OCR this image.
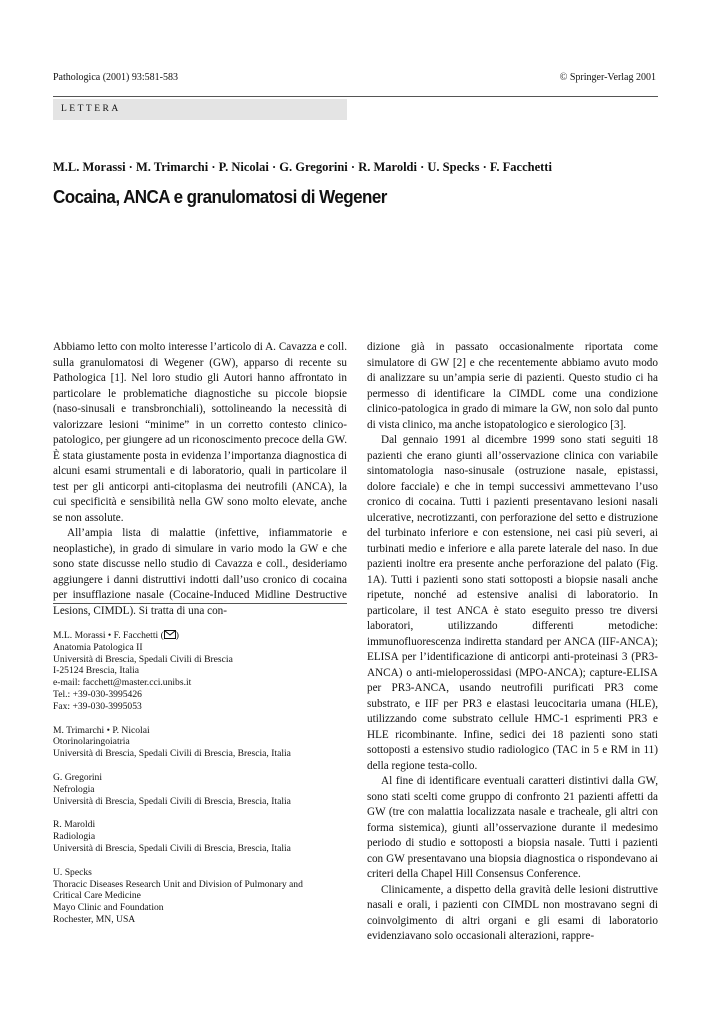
Pathologica (2001) 93:581-583	© Springer-Verlag 2001
LETTERA
M.L. Morassi · M. Trimarchi · P. Nicolai · G. Gregorini · R. Maroldi · U. Specks · F. Facchetti
Cocaina, ANCA e granulomatosi di Wegener

Abbiamo letto con molto interesse l’articolo di A. Cavazza e coll. sulla granulomatosi di Wegener (GW), apparso di recente su Pathologica [1]. Nel loro studio gli Autori hanno affrontato in particolare le problematiche diagnostiche su piccole biopsie (naso-sinusali e transbronchiali), sottolineando la necessità di valorizzare lesioni “minime” in un corretto contesto clinico-patologico, per giungere ad un riconoscimento precoce della GW. È stata giustamente posta in evidenza l’importanza diagnostica di alcuni esami strumentali e di laboratorio, quali in particolare il test per gli anticorpi anti-citoplasma dei neutrofili (ANCA), la cui specificità e sensibilità nella GW sono molto elevate, anche se non assolute.

All’ampia lista di malattie (infettive, infiammatorie e neoplastiche), in grado di simulare in vario modo la GW e che sono state discusse nello studio di Cavazza e coll., desideriamo aggiungere i danni distruttivi indotti dall’uso cronico di cocaina per insufflazione nasale (Cocaine-Induced Midline Destructive Lesions, CIMDL). Si tratta di una con-

dizione già in passato occasionalmente riportata come simulatore di GW [2] e che recentemente abbiamo avuto modo di analizzare su un’ampia serie di pazienti. Questo studio ci ha permesso di identificare la CIMDL come una condizione clinico-patologica in grado di mimare la GW, non solo dal punto di vista clinico, ma anche istopatologico e sierologico [3].

Dal gennaio 1991 al dicembre 1999 sono stati seguiti 18 pazienti che erano giunti all’osservazione clinica con variabile sintomatologia naso-sinusale (ostruzione nasale, epistassi, dolore facciale) e che in tempi successivi ammettevano l’uso cronico di cocaina. Tutti i pazienti presentavano lesioni nasali ulcerative, necrotizzanti, con perforazione del setto e distruzione del turbinato inferiore e con estensione, nei casi più severi, ai turbinati medio e inferiore e alla parete laterale del naso. In due pazienti inoltre era presente anche perforazione del palato (Fig. 1A). Tutti i pazienti sono stati sottoposti a biopsie nasali anche ripetute, nonché ad estensive analisi di laboratorio. In particolare, il test ANCA è stato eseguito presso tre diversi laboratori, utilizzando differenti metodiche: immunofluorescenza indiretta standard per ANCA (IIF-ANCA); ELISA per l’identificazione di anticorpi anti-proteinasi 3 (PR3-ANCA) o anti-mieloperossidasi (MPO-ANCA); capture-ELISA per PR3-ANCA, usando neutrofili purificati PR3 come substrato, e IIF per PR3 e elastasi leucocitaria umana (HLE), utilizzando come substrato cellule HMC-1 esprimenti PR3 e HLE ricombinante. Infine, sedici dei 18 pazienti sono stati sottoposti a estensivo studio radiologico (TAC in 5 e RM in 11) della regione testa-collo.

Al fine di identificare eventuali caratteri distintivi dalla GW, sono stati scelti come gruppo di confronto 21 pazienti affetti da GW (tre con malattia localizzata nasale e tracheale, gli altri con forma sistemica), giunti all’osservazione durante il medesimo periodo di studio e sottoposti a biopsia nasale. Tutti i pazienti con GW presentavano una biopsia diagnostica o rispondevano ai criteri della Chapel Hill Consensus Conference.

Clinicamente, a dispetto della gravità delle lesioni distruttive nasali e orali, i pazienti con CIMDL non mostravano segni di coinvolgimento di altri organi e gli esami di laboratorio evidenziavano solo occasionali alterazioni, rappre-

M.L. Morassi • F. Facchetti ( )
Anatomia Patologica II
Università di Brescia, Spedali Civili di Brescia
I-25124 Brescia, Italia
e-mail: facchett@master.cci.unibs.it
Tel.: +39-030-3995426
Fax: +39-030-3995053
M. Trimarchi • P. Nicolai
Otorinolaringoiatria
Università di Brescia, Spedali Civili di Brescia, Brescia, Italia
G. Gregorini
Nefrologia
Università di Brescia, Spedali Civili di Brescia, Brescia, Italia
R. Maroldi
Radiologia
Università di Brescia, Spedali Civili di Brescia, Brescia, Italia
U. Specks
Thoracic Diseases Research Unit and Division of Pulmonary and
Critical Care Medicine
Mayo Clinic and Foundation
Rochester, MN, USA
